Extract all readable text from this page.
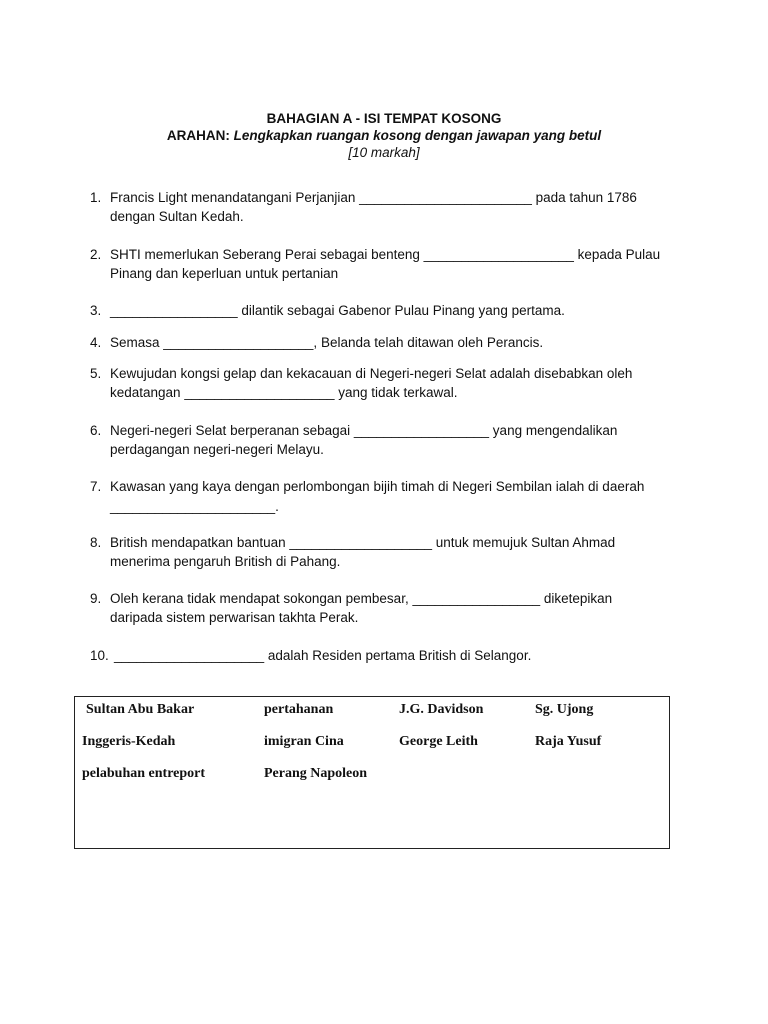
BAHAGIAN A - ISI TEMPAT KOSONG
ARAHAN: Lengkapkan ruangan kosong dengan jawapan yang betul
[10 markah]
1. Francis Light menandatangani Perjanjian _______________________ pada tahun 1786
dengan Sultan Kedah.
2. SHTI memerlukan Seberang Perai sebagai benteng ____________________ kepada Pulau
Pinang dan keperluan untuk pertanian
3. _________________ dilantik sebagai Gabenor Pulau Pinang yang pertama.
4. Semasa ____________________, Belanda telah ditawan oleh Perancis.
5. Kewujudan kongsi gelap dan kekacauan di Negeri-negeri Selat adalah disebabkan oleh
kedatangan ____________________ yang tidak terkawal.
6. Negeri-negeri Selat berperanan sebagai __________________ yang mengendalikan
perdagangan negeri-negeri Melayu.
7. Kawasan yang kaya dengan perlombongan bijih timah di Negeri Sembilan ialah di daerah
______________________.
8. British mendapatkan bantuan ___________________ untuk memujuk Sultan Ahmad
menerima pengaruh British di Pahang.
9. Oleh kerana tidak mendapat sokongan pembesar, _________________ diketepikan
daripada sistem perwarisan takhta Perak.
10. ____________________ adalah Residen pertama British di Selangor.
Sultan Abu Bakar	pertahanan	J.G. Davidson	Sg. Ujong
Inggeris-Kedah	imigran Cina	George Leith	Raja Yusuf
pelabuhan entreport	Perang Napoleon
